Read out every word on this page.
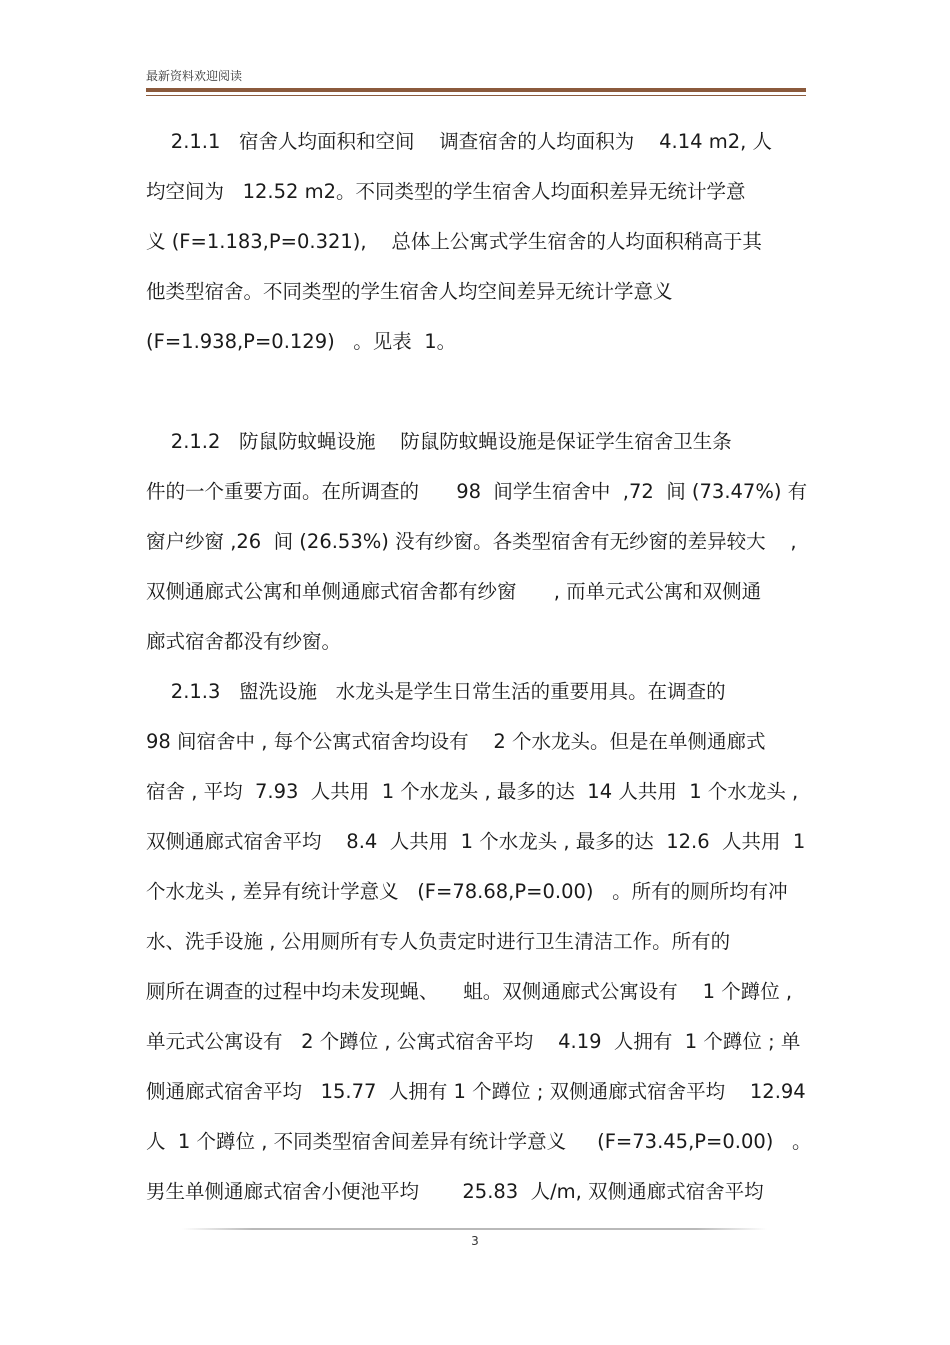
最新资料欢迎阅读
2.1.1   宿舍人均面积和空间    调查宿舍的人均面积为    4.14 m2, 人
均空间为   12.52 m2。不同类型的学生宿舍人均面积差异无统计学意
义 (F=1.183,P=0.321),    总体上公寓式学生宿舍的人均面积稍高于其
他类型宿舍。不同类型的学生宿舍人均空间差异无统计学意义
(F=1.938,P=0.129)   。见表  1。
2.1.2   防鼠防蚊蝇设施    防鼠防蚊蝇设施是保证学生宿舍卫生条
件的一个重要方面。在所调查的      98  间学生宿舍中  ,72  间 (73.47%) 有
窗户纱窗 ,26  间 (26.53%) 没有纱窗。各类型宿舍有无纱窗的差异较大    ,
双侧通廊式公寓和单侧通廊式宿舍都有纱窗      , 而单元式公寓和双侧通
廊式宿舍都没有纱窗。
2.1.3   盥洗设施   水龙头是学生日常生活的重要用具。在调查的
98 间宿舍中 , 每个公寓式宿舍均设有    2 个水龙头。但是在单侧通廊式
宿舍 , 平均  7.93  人共用  1 个水龙头 , 最多的达  14 人共用  1 个水龙头 ,
双侧通廊式宿舍平均    8.4  人共用  1 个水龙头 , 最多的达  12.6  人共用  1
个水龙头 , 差异有统计学意义   (F=78.68,P=0.00)   。所有的厕所均有冲
水、洗手设施 , 公用厕所有专人负责定时进行卫生清洁工作。所有的
厕所在调查的过程中均未发现蝇、    蛆。双侧通廊式公寓设有    1 个蹲位 ,
单元式公寓设有   2 个蹲位 , 公寓式宿舍平均    4.19  人拥有  1 个蹲位 ; 单
侧通廊式宿舍平均   15.77  人拥有 1 个蹲位 ; 双侧通廊式宿舍平均    12.94
人  1 个蹲位 , 不同类型宿舍间差异有统计学意义     (F=73.45,P=0.00)   。
男生单侧通廊式宿舍小便池平均       25.83  人/m, 双侧通廊式宿舍平均
3
